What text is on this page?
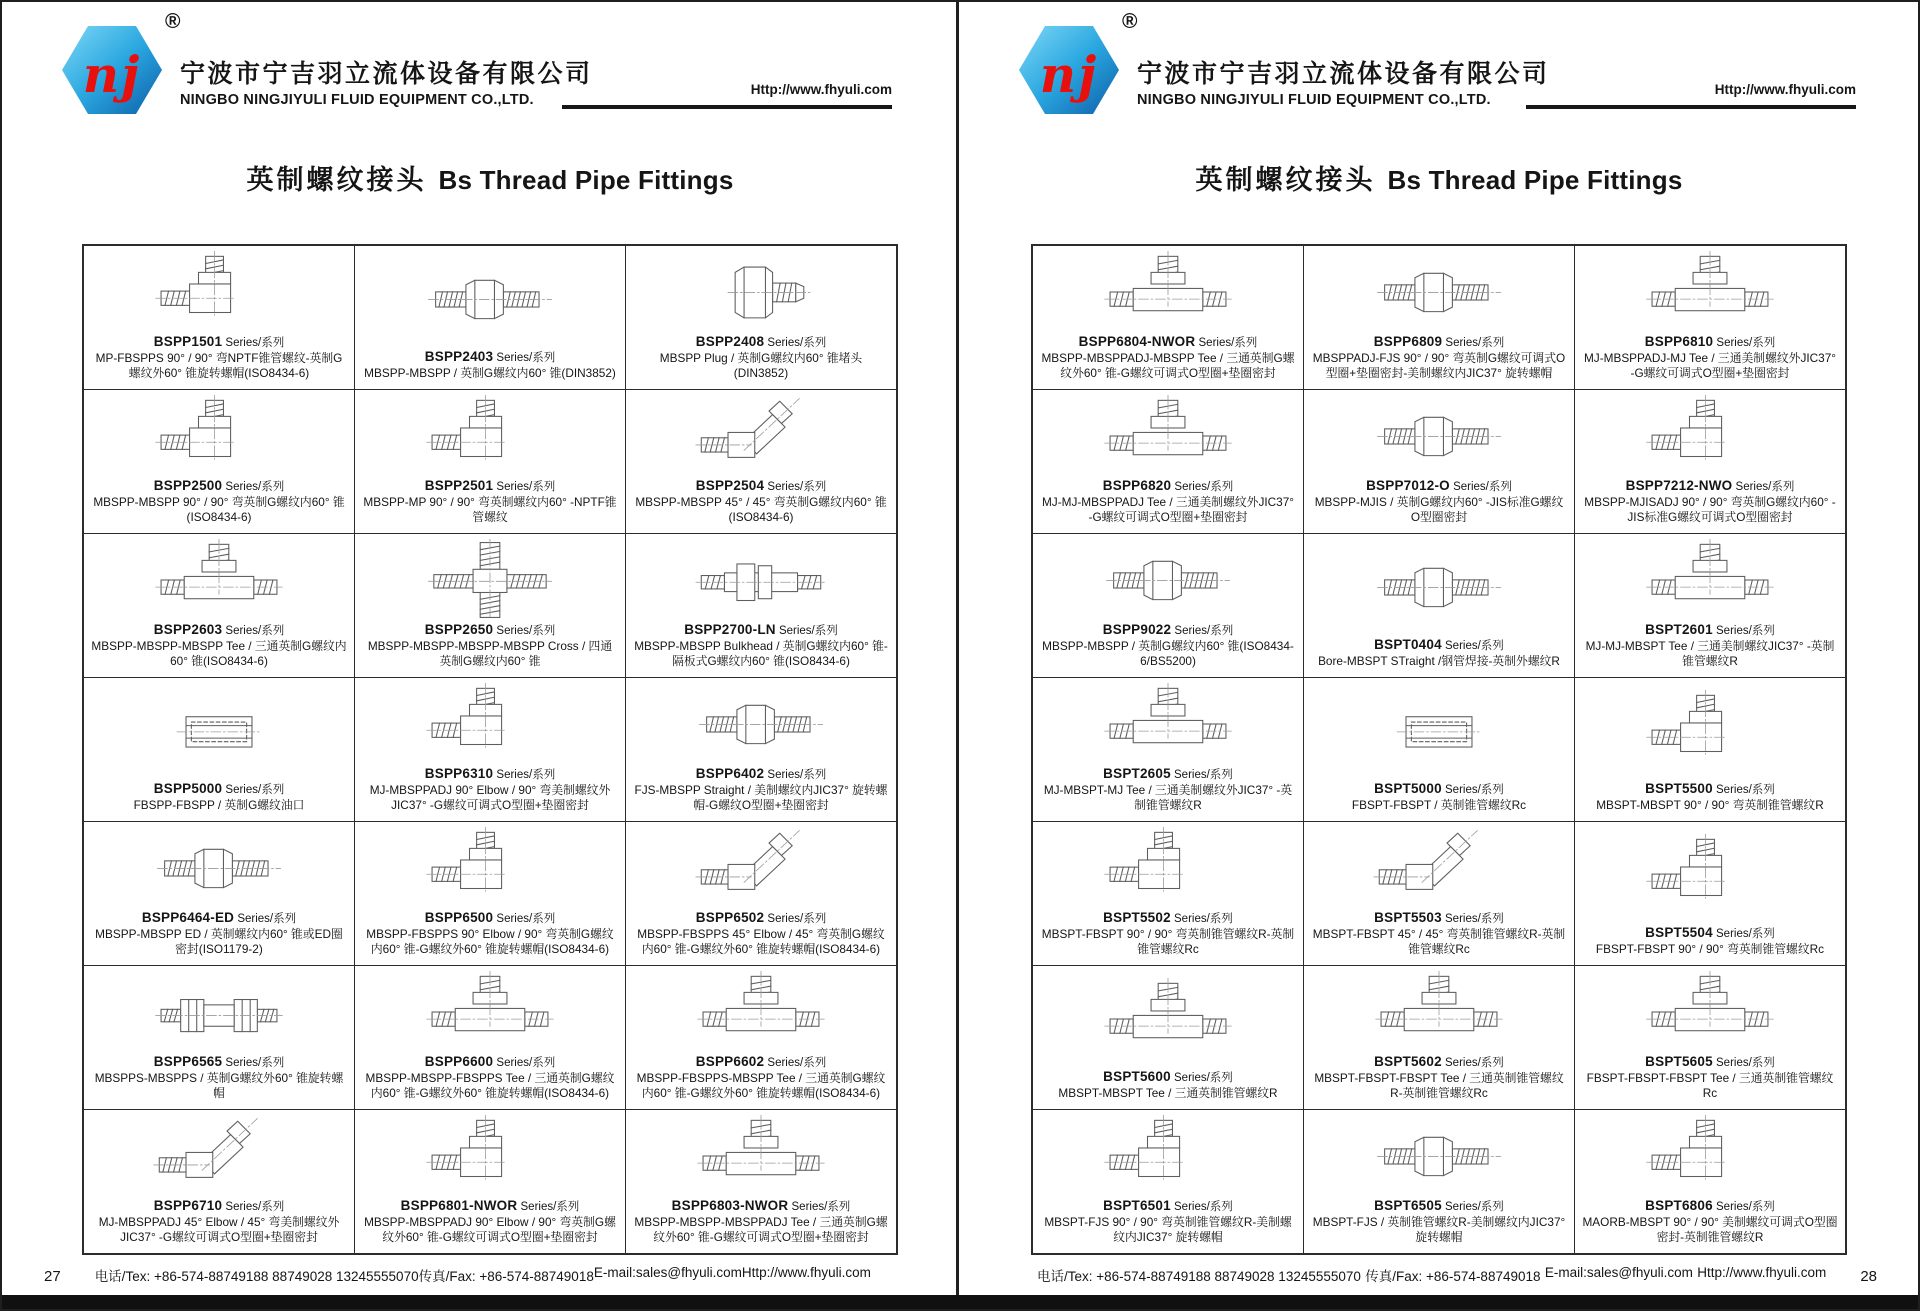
nj
®
宁波市宁吉羽立流体设备有限公司
NINGBO NINGJIYULI FLUID EQUIPMENT CO.,LTD.
Http://www.fhyuli.com
英制螺纹接头 Bs Thread Pipe Fittings
BSPP1501 Series/系列
MP-FBSPPS 90° / 90° 弯NPTF锥管螺纹-英制G螺纹外60° 锥旋转螺帽(ISO8434-6)
BSPP2403 Series/系列
MBSPP-MBSPP / 英制G螺纹内60° 锥(DIN3852)
BSPP2408 Series/系列
MBSPP Plug / 英制G螺纹内60° 锥堵头(DIN3852)
BSPP2500 Series/系列
MBSPP-MBSPP 90° / 90° 弯英制G螺纹内60° 锥(ISO8434-6)
BSPP2501 Series/系列
MBSPP-MP 90° / 90° 弯英制螺纹内60° -NPTF锥管螺纹
BSPP2504 Series/系列
MBSPP-MBSPP 45° / 45° 弯英制G螺纹内60° 锥(ISO8434-6)
BSPP2603 Series/系列
MBSPP-MBSPP-MBSPP Tee / 三通英制G螺纹内60° 锥(ISO8434-6)
BSPP2650 Series/系列
MBSPP-MBSPP-MBSPP-MBSPP Cross / 四通英制G螺纹内60° 锥
BSPP2700-LN Series/系列
MBSPP-MBSPP Bulkhead / 英制G螺纹内60° 锥-隔板式G螺纹内60° 锥(ISO8434-6)
BSPP5000 Series/系列
FBSPP-FBSPP / 英制G螺纹油口
BSPP6310 Series/系列
MJ-MBSPPADJ 90° Elbow / 90° 弯美制螺纹外JIC37° -G螺纹可调式O型圈+垫圈密封
BSPP6402 Series/系列
FJS-MBSPP Straight / 美制螺纹内JIC37° 旋转螺帽-G螺纹O型圈+垫圈密封
BSPP6464-ED Series/系列
MBSPP-MBSPP ED / 英制螺纹内60° 锥或ED圈密封(ISO1179-2)
BSPP6500 Series/系列
MBSPP-FBSPPS 90° Elbow / 90° 弯英制G螺纹内60° 锥-G螺纹外60° 锥旋转螺帽(ISO8434-6)
BSPP6502 Series/系列
MBSPP-FBSPPS 45° Elbow / 45° 弯英制G螺纹内60° 锥-G螺纹外60° 锥旋转螺帽(ISO8434-6)
BSPP6565 Series/系列
MBSPPS-MBSPPS / 英制G螺纹外60° 锥旋转螺帽
BSPP6600 Series/系列
MBSPP-MBSPP-FBSPPS Tee / 三通英制G螺纹内60° 锥-G螺纹外60° 锥旋转螺帽(ISO8434-6)
BSPP6602 Series/系列
MBSPP-FBSPPS-MBSPP Tee / 三通英制G螺纹内60° 锥-G螺纹外60° 锥旋转螺帽(ISO8434-6)
BSPP6710 Series/系列
MJ-MBSPPADJ 45° Elbow / 45° 弯美制螺纹外JIC37° -G螺纹可调式O型圈+垫圈密封
BSPP6801-NWOR Series/系列
MBSPP-MBSPPADJ 90° Elbow / 90° 弯英制G螺纹外60° 锥-G螺纹可调式O型圈+垫圈密封
BSPP6803-NWOR Series/系列
MBSPP-MBSPP-MBSPPADJ Tee / 三通英制G螺纹外60° 锥-G螺纹可调式O型圈+垫圈密封
27	电话/Tex: +86-574-88749188 88749028 13245555070 传真/Fax: +86-574-88749018 E-mail:sales@fhyuli.com Http://www.fhyuli.com
nj
®
宁波市宁吉羽立流体设备有限公司
NINGBO NINGJIYULI FLUID EQUIPMENT CO.,LTD.
Http://www.fhyuli.com
英制螺纹接头 Bs Thread Pipe Fittings
BSPP6804-NWOR Series/系列
MBSPP-MBSPPADJ-MBSPP Tee / 三通英制G螺纹外60° 锥-G螺纹可调式O型圈+垫圈密封
BSPP6809 Series/系列
MBSPPADJ-FJS 90° / 90° 弯英制G螺纹可调式O型圈+垫圈密封-美制螺纹内JIC37° 旋转螺帽
BSPP6810 Series/系列
MJ-MBSPPADJ-MJ Tee / 三通美制螺纹外JIC37° -G螺纹可调式O型圈+垫圈密封
BSPP6820 Series/系列
MJ-MJ-MBSPPADJ Tee / 三通美制螺纹外JIC37° -G螺纹可调式O型圈+垫圈密封
BSPP7012-O Series/系列
MBSPP-MJIS / 英制G螺纹内60° -JIS标准G螺纹O型圈密封
BSPP7212-NWO Series/系列
MBSPP-MJISADJ 90° / 90° 弯英制G螺纹内60° -JIS标准G螺纹可调式O型圈密封
BSPP9022 Series/系列
MBSPP-MBSPP / 英制G螺纹内60° 锥(ISO8434-6/BS5200)
BSPT0404 Series/系列
Bore-MBSPT STraight /钢管焊接-英制外螺纹R
BSPT2601 Series/系列
MJ-MJ-MBSPT Tee / 三通美制螺纹JIC37° -英制锥管螺纹R
BSPT2605 Series/系列
MJ-MBSPT-MJ Tee / 三通美制螺纹外JIC37° -英制锥管螺纹R
BSPT5000 Series/系列
FBSPT-FBSPT / 英制锥管螺纹Rc
BSPT5500 Series/系列
MBSPT-MBSPT 90° / 90° 弯英制锥管螺纹R
BSPT5502 Series/系列
MBSPT-FBSPT 90° / 90° 弯英制锥管螺纹R-英制锥管螺纹Rc
BSPT5503 Series/系列
MBSPT-FBSPT 45° / 45° 弯英制锥管螺纹R-英制锥管螺纹Rc
BSPT5504 Series/系列
FBSPT-FBSPT 90° / 90° 弯英制锥管螺纹Rc
BSPT5600 Series/系列
MBSPT-MBSPT Tee / 三通英制锥管螺纹R
BSPT5602 Series/系列
MBSPT-FBSPT-FBSPT Tee / 三通英制锥管螺纹R-英制锥管螺纹Rc
BSPT5605 Series/系列
FBSPT-FBSPT-FBSPT Tee / 三通英制锥管螺纹Rc
BSPT6501 Series/系列
MBSPT-FJS 90° / 90° 弯英制锥管螺纹R-美制螺纹内JIC37° 旋转螺帽
BSPT6505 Series/系列
MBSPT-FJS / 英制锥管螺纹R-美制螺纹内JIC37° 旋转螺帽
BSPT6806 Series/系列
MAORB-MBSPT 90° / 90° 美制螺纹可调式O型圈密封-英制锥管螺纹R
电话/Tex: +86-574-88749188 88749028 13245555070 传真/Fax: +86-574-88749018 E-mail:sales@fhyuli.com Http://www.fhyuli.com 28
